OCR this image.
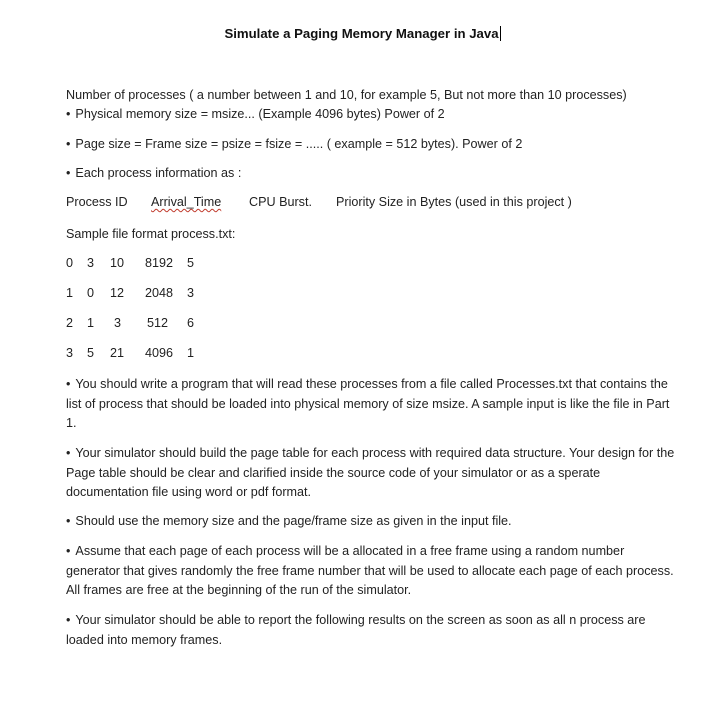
Simulate a Paging Memory Manager in Java
Number of processes ( a number between 1 and 10, for example 5, But not more than 10 processes)
• Physical memory size = msize... (Example 4096 bytes) Power of 2
• Page size = Frame size = psize = fsize = ..... ( example = 512 bytes). Power of 2
• Each process information as :
Process ID Arrival_Time CPU Burst. Priority Size in Bytes (used in this project )
Sample file format process.txt:
0 3 10 8192 5
1 0 12 2048 3
2 1 3 512 6
3 5 21 4096 1
• You should write a program that will read these processes from a file called Processes.txt that contains the list of process that should be loaded into physical memory of size msize. A sample input is like the file in Part 1.
• Your simulator should build the page table for each process with required data structure. Your design for the Page table should be clear and clarified inside the source code of your simulator or as a sperate documentation file using word or pdf format.
• Should use the memory size and the page/frame size as given in the input file.
• Assume that each page of each process will be a allocated in a free frame using a random number generator that gives randomly the free frame number that will be used to allocate each page of each process. All frames are free at the beginning of the run of the simulator.
• Your simulator should be able to report the following results on the screen as soon as all n process are loaded into memory frames.
